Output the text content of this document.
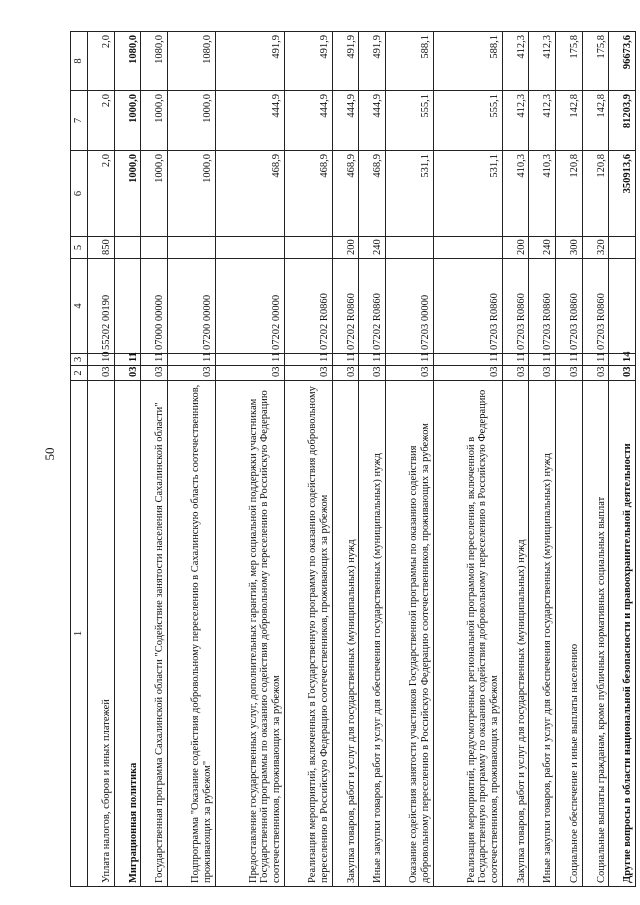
50
1	2	3	4	5	6	7	8
Уплата налогов, сборов и иных платежей	03	10	55202 00190	850	2,0	2,0	2,0
Миграционная политика	03	11			1000,0	1000,0	1080,0
Государственная программа Сахалинской области "Содействие занятости населения Сахалинской области"	03	11	07000 00000		1000,0	1000,0	1080,0
Подпрограмма "Оказание содействия добровольному переселению в Сахалинскую область соотечественников, проживающих за рубежом"	03	11	07200 00000		1000,0	1000,0	1080,0
Предоставление государственных услуг, дополнительных гарантий, мер социальной поддержки участникам Государственной программы по оказанию содействия добровольному переселению в Российскую Федерацию соотечественников, проживающих за рубежом	03	11	07202 00000		468,9	444,9	491,9
Реализация мероприятий, включенных в Государственную программу по оказанию содействия добровольному переселению в Российскую Федерацию соотечественников, проживающих за рубежом	03	11	07202 R0860		468,9	444,9	491,9
Закупка товаров, работ и услуг для государственных (муниципальных) нужд	03	11	07202 R0860	200	468,9	444,9	491,9
Иные закупки товаров, работ и услуг для обеспечения государственных (муниципальных) нужд	03	11	07202 R0860	240	468,9	444,9	491,9
Оказание содействия занятости участников Государственной программы по оказанию содействия добровольному переселению в Российскую Федерацию соотечественников, проживающих за рубежом	03	11	07203 00000		531,1	555,1	588,1
Реализация мероприятий, предусмотренных региональной программой переселения, включенной в Государственную программу по оказанию содействия добровольному переселению в Российскую Федерацию соотечественников, проживающих за рубежом	03	11	07203 R0860		531,1	555,1	588,1
Закупка товаров, работ и услуг для государственных (муниципальных) нужд	03	11	07203 R0860	200	410,3	412,3	412,3
Иные закупки товаров, работ и услуг для обеспечения государственных (муниципальных) нужд	03	11	07203 R0860	240	410,3	412,3	412,3
Социальное обеспечение и иные выплаты населению	03	11	07203 R0860	300	120,8	142,8	175,8
Социальные выплаты гражданам, кроме публичных нормативных социальных выплат	03	11	07203 R0860	320	120,8	142,8	175,8
Другие вопросы в области национальной безопасности и правоохранительной деятельности	03	14			350913,6	81203,9	96673,6
